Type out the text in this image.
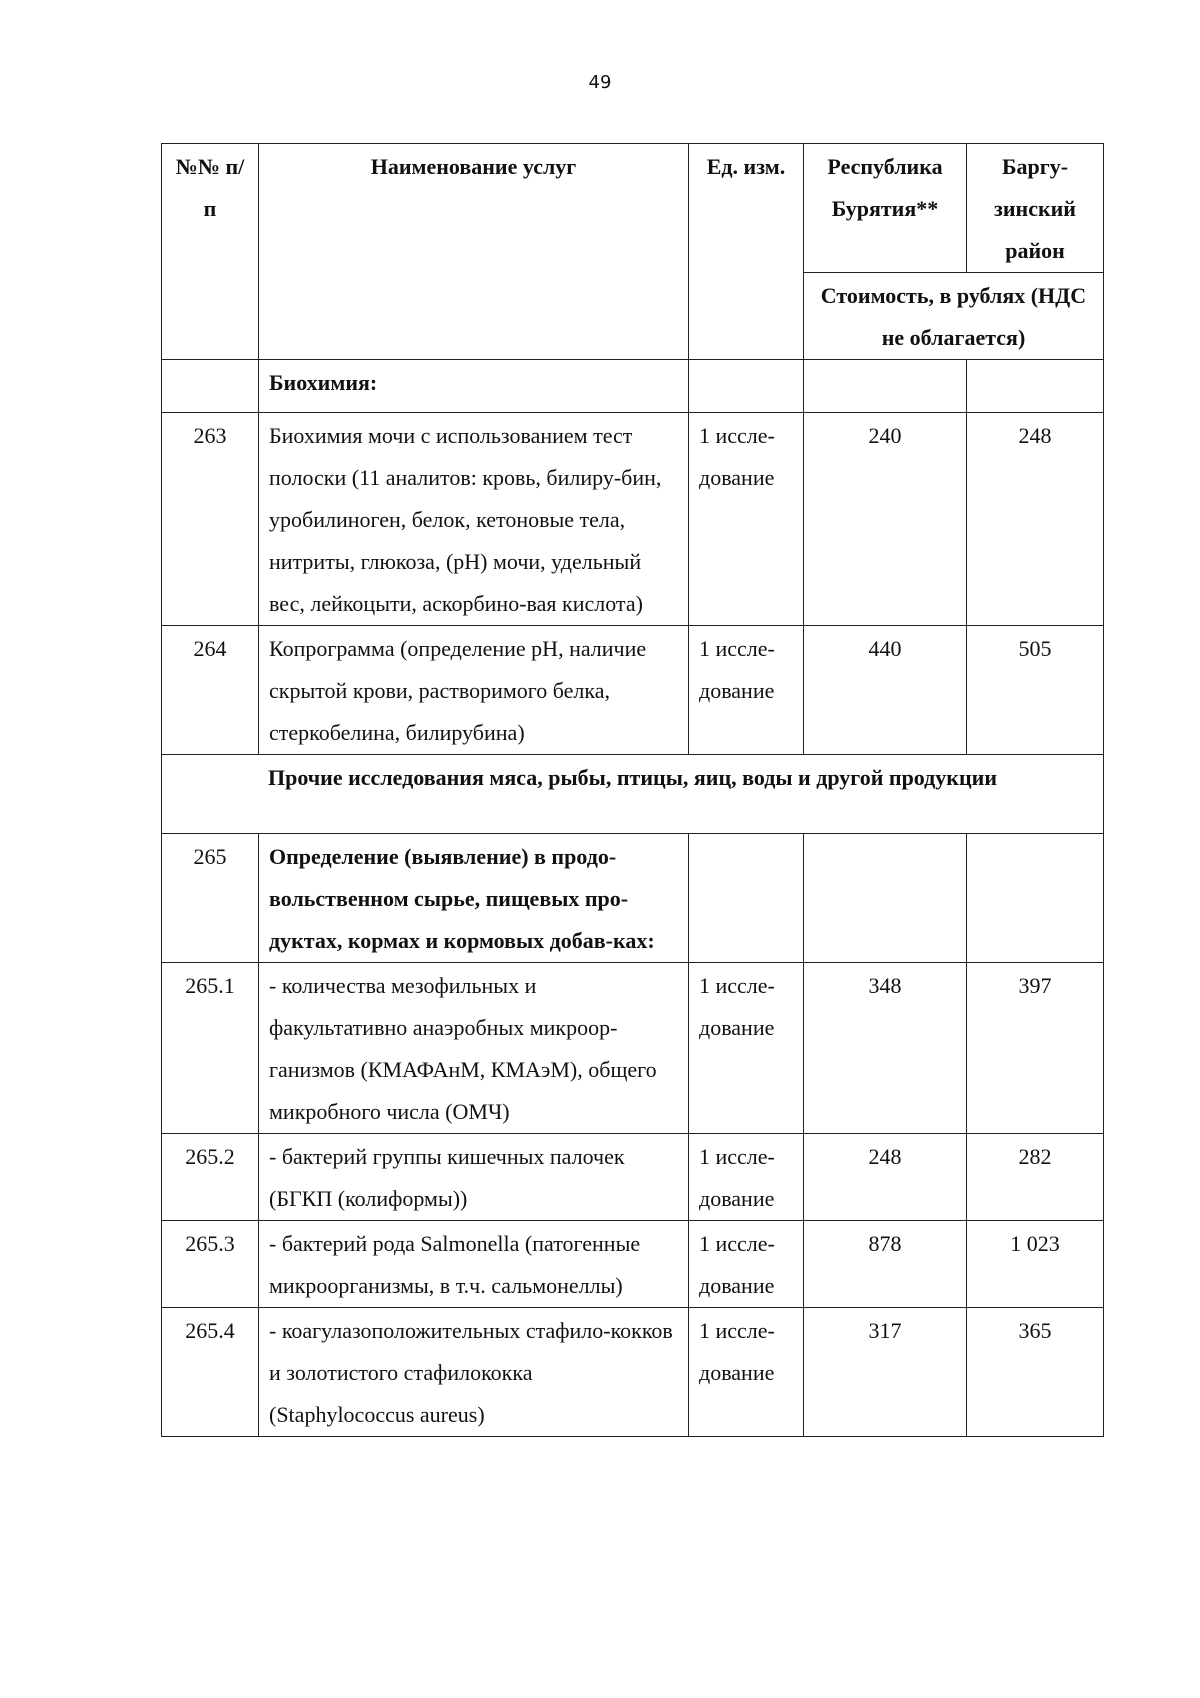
49
№№ п/п	Наименование услуг	Ед. изм.	Республика Бурятия**	Баргу-зинский район
			Стоимость, в рублях (НДС не облагается)	
	Биохимия:			
263	Биохимия мочи с использованием тест полоски (11 аналитов: кровь, билиру-бин, уробилиноген, белок, кетоновые тела, нитриты, глюкоза, (pH) мочи, удельный вес, лейкоцыти, аскорбино-вая кислота)	1 иссле-дование	240	248
264	Копрограмма (определение pH, наличие скрытой крови, растворимого белка, стеркобелина, билирубина)	1 иссле-дование	440	505
Прочие исследования мяса, рыбы, птицы, яиц, воды и другой продукции				
265	Определение (выявление) в продо-вольственном сырье, пищевых про-дуктах, кормах и кормовых добав-ках:			
265.1	- количества мезофильных и факультативно анаэробных микроор-ганизмов (КМАФАнМ, КМАэМ), общего микробного числа (ОМЧ)	1 иссле-дование	348	397
265.2	- бактерий группы кишечных палочек (БГКП (колиформы))	1 иссле-дование	248	282
265.3	- бактерий рода Salmonella (патогенные микроорганизмы, в т.ч. сальмонеллы)	1 иссле-дование	878	1 023
265.4	- коагулазоположительных стафило-кокков и золотистого стафилококка (Staphylococcus aureus)	1 иссле-дование	317	365
